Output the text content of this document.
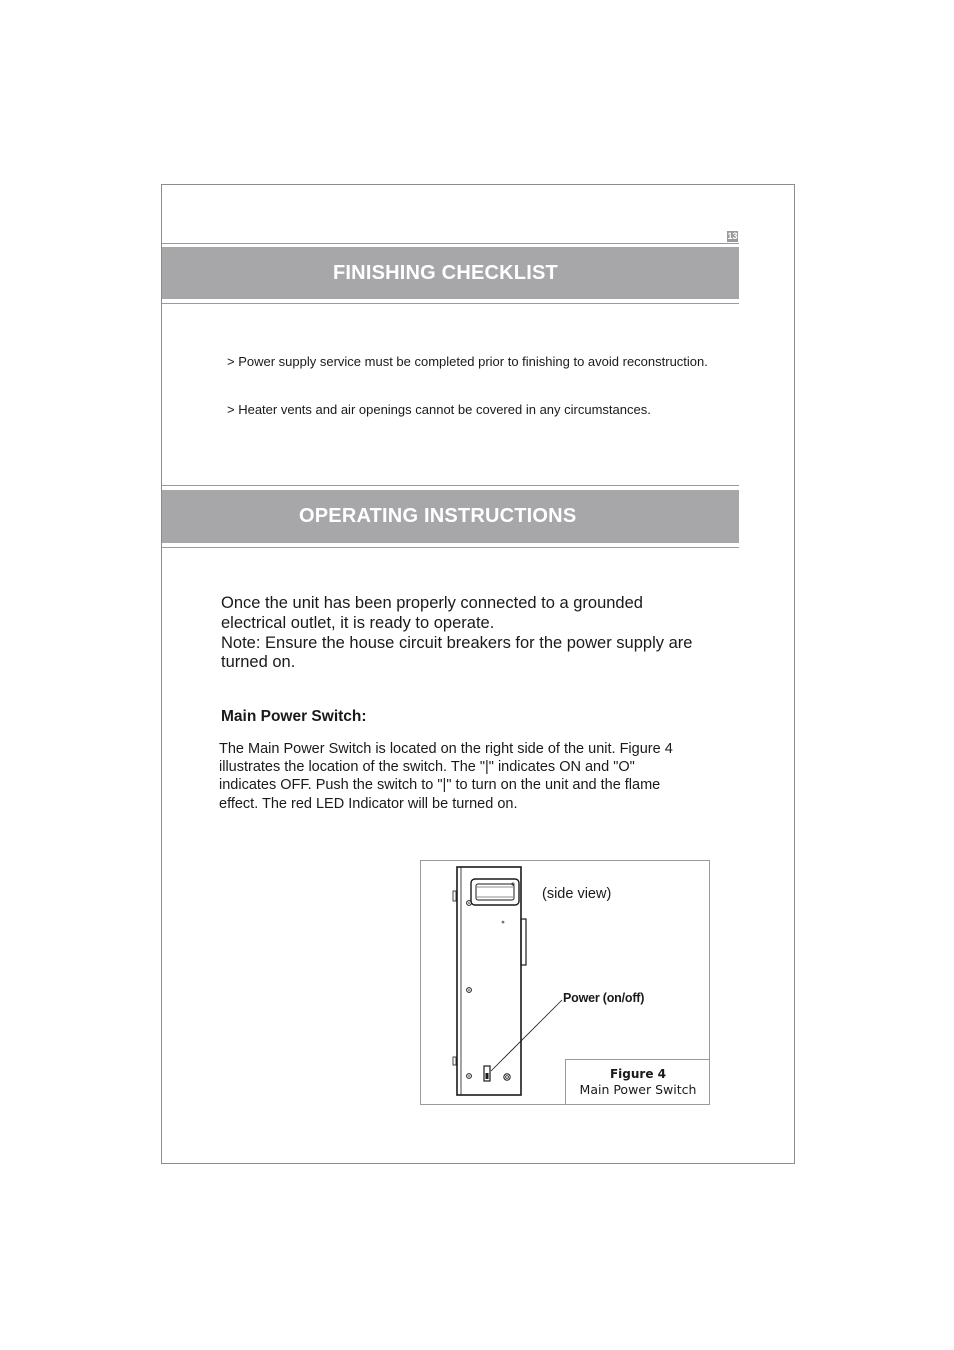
13
FINISHING CHECKLIST
> Power supply service must be completed prior to finishing to avoid reconstruction.
> Heater vents and air openings cannot be covered in any circumstances.
OPERATING INSTRUCTIONS

Once the unit has been properly connected to a grounded electrical outlet, it is ready to operate.

Note: Ensure the house circuit breakers for the power supply are turned on.

Main Power Switch:
The Main Power Switch is located on the right side of the unit. Figure 4 illustrates the location of the switch. The "|" indicates ON and "O" indicates OFF. Push the switch to "|" to turn on the unit and the flame effect. The red LED Indicator will be turned on.
(side view)
Power (on/off)
Figure 4
Main Power Switch
